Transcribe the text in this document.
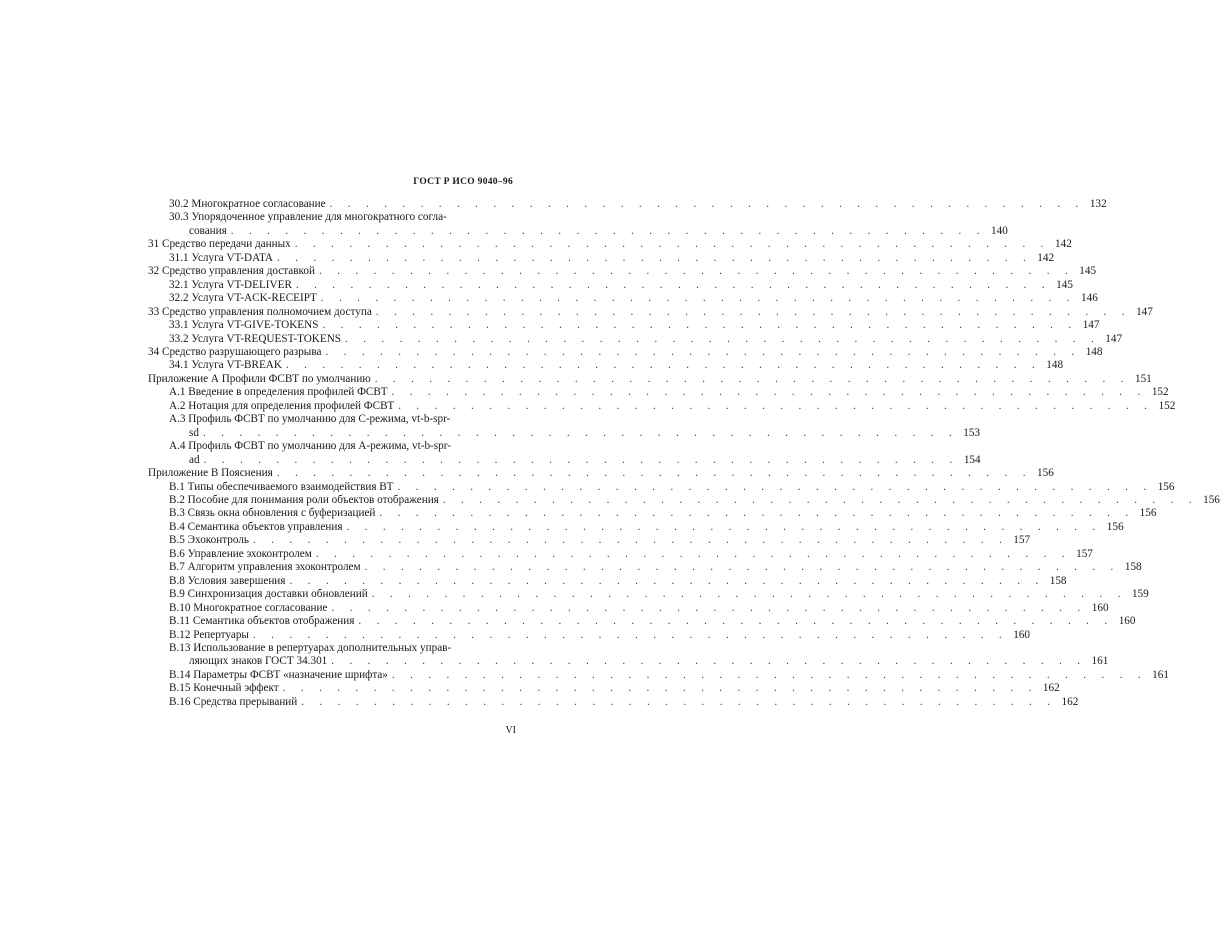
ГОСТ Р ИСО 9040–96
30.2 Многократное согласование . . .	132
30.3 Упорядоченное управление для многократного согла-
сования . . .	140
31 Средство передачи данных . . .	142
31.1 Услуга VT-DATA . . .	142
32 Средство управления доставкой . . .	145
32.1 Услуга VT-DELIVER . . .	145
32.2 Услуга VT-ACK-RECEIPT . . .	146
33 Средство управления полномочием доступа . . .	147
33.1 Услуга VT-GIVE-TOKENS . . .	147
33.2 Услуга VT-REQUEST-TOKENS . . .	147
34 Средство разрушающего разрыва . . .	148
34.1 Услуга VT-BREAK . . .	148
Приложение А Профили ФСВТ по умолчанию . . .	151
А.1 Введение в определения профилей ФСВТ . . .	152
А.2 Нотация для определения профилей ФСВТ . . .	152
А.3 Профиль ФСВТ по умолчанию для С-режима, vt-b-spr-
sd . . .	153
А.4 Профиль ФСВТ по умолчанию для А-режима, vt-b-spr-
ad . . .	154
Приложение В Пояснения . . .	156
В.1 Типы обеспечиваемого взаимодействия ВТ . . .	156
В.2 Пособие для понимания роли объектов отображения . . .	156
В.3 Связь окна обновления с буферизацией . . .	156
В.4 Семантика объектов управления . . .	156
В.5 Эхоконтроль . . .	157
В.6 Управление эхоконтролем . . .	157
В.7 Алгоритм управления эхоконтролем . . .	158
В.8 Условия завершения . . .	158
В.9 Синхронизация доставки обновлений . . .	159
В.10 Многократное согласование . . .	160
В.11 Семантика объектов отображения . . .	160
В.12 Репертуары . . .	160
В.13 Использование в репертуарах дополнительных управ-
ляющих знаков ГОСТ 34.301 . . .	161
В.14 Параметры ФСВТ «назначение шрифта» . . .	161
В.15 Конечный эффект . . .	162
В.16 Средства прерываний . . .	162
VI
